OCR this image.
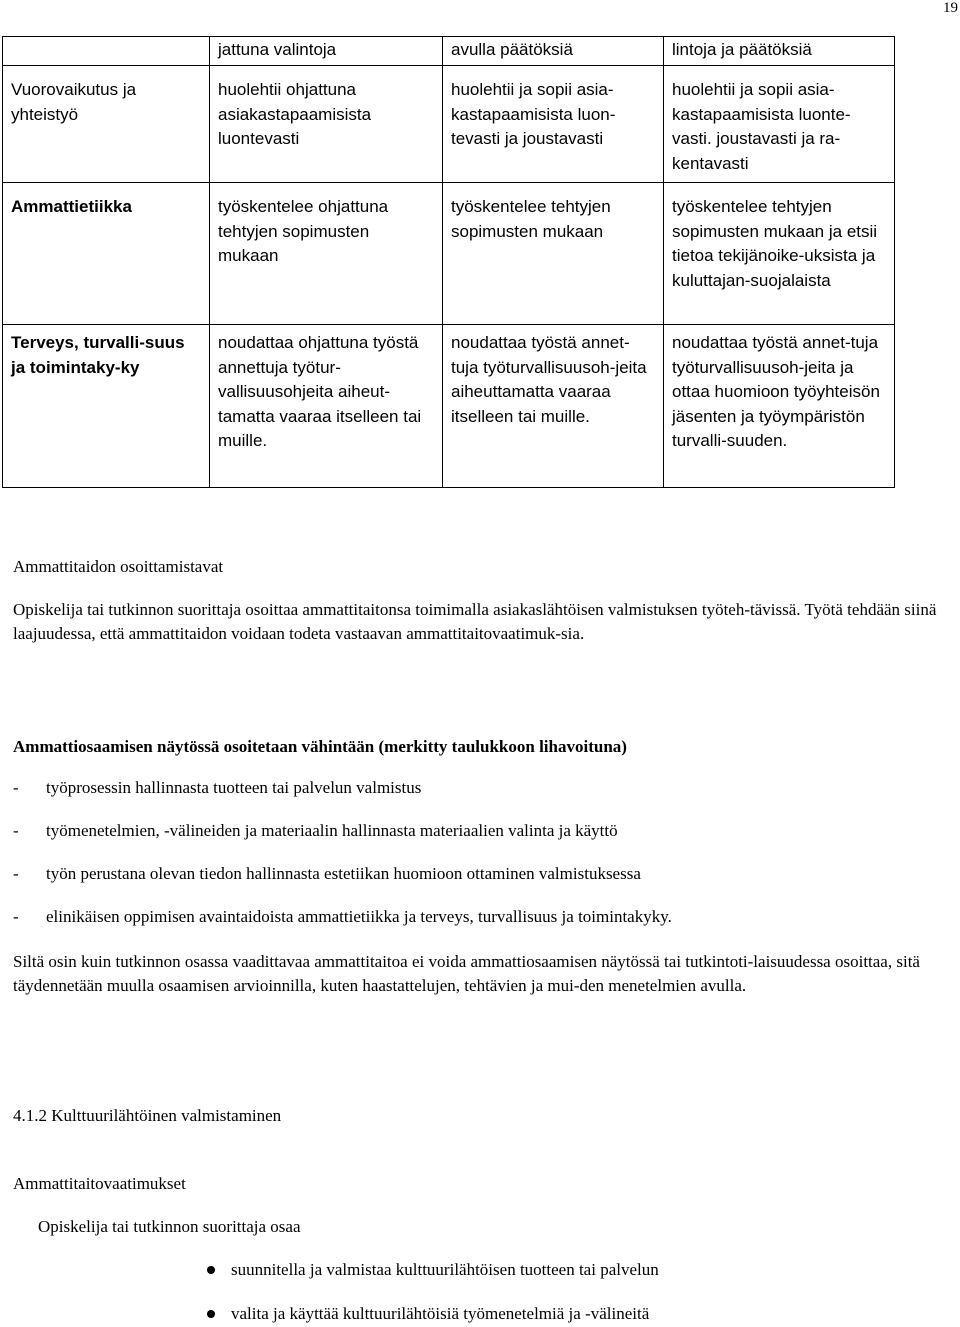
19
	jattuna valintoja	avulla päätöksiä	lintoja ja päätöksiä
Vuorovaikutus ja yhteistyö	huolehtii ohjattuna asiakastapaamisista luontevasti	huolehtii ja sopii asia-kastapaamisista luon-tevasti ja joustavasti	huolehtii ja sopii asia-kastapaamisista luonte-vasti. joustavasti ja ra-kentavasti
Ammattietiikka	työskentelee ohjattuna tehtyjen sopimusten mukaan	työskentelee tehtyjen sopimusten mukaan	työskentelee tehtyjen sopimusten mukaan ja etsii tietoa tekijänoike-uksista ja kuluttajan-suojalaista
Terveys, turvalli-suus ja toimintaky-ky	noudattaa ohjattuna työstä annettuja työtur-vallisuusohjeita aiheut-tamatta vaaraa itselleen tai muille.	noudattaa työstä annet-tuja työturvallisuusoh-jeita aiheuttamatta vaaraa itselleen tai muille.	noudattaa työstä annet-tuja työturvallisuusoh-jeita ja ottaa huomioon työyhteisön jäsenten ja työympäristön turvalli-suuden.
Ammattitaidon osoittamistavat
Opiskelija tai tutkinnon suorittaja osoittaa ammattitaitonsa toimimalla asiakaslähtöisen valmistuksen työteh-tävissä. Työtä tehdään siinä laajuudessa, että ammattitaidon voidaan todeta vastaavan ammattitaitovaatimuk-sia.
Ammattiosaamisen näytössä osoitetaan vähintään (merkitty taulukkoon lihavoituna)
- työprosessin hallinnasta tuotteen tai palvelun valmistus
- työmenetelmien, -välineiden ja materiaalin hallinnasta materiaalien valinta ja käyttö
- työn perustana olevan tiedon hallinnasta estetiikan huomioon ottaminen valmistuksessa
- elinikäisen oppimisen avaintaidoista ammattietiikka ja terveys, turvallisuus ja toimintakyky.
Siltä osin kuin tutkinnon osassa vaadittavaa ammattitaitoa ei voida ammattiosaamisen näytössä tai tutkintoti-laisuudessa osoittaa, sitä täydennetään muulla osaamisen arvioinnilla, kuten haastattelujen, tehtävien ja mui-den menetelmien avulla.
4.1.2 Kulttuurilähtöinen valmistaminen
Ammattitaitovaatimukset
Opiskelija tai tutkinnon suorittaja osaa
suunnitella ja valmistaa kulttuurilähtöisen tuotteen tai palvelun
valita ja käyttää kulttuurilähtöisiä työmenetelmiä ja -välineitä
